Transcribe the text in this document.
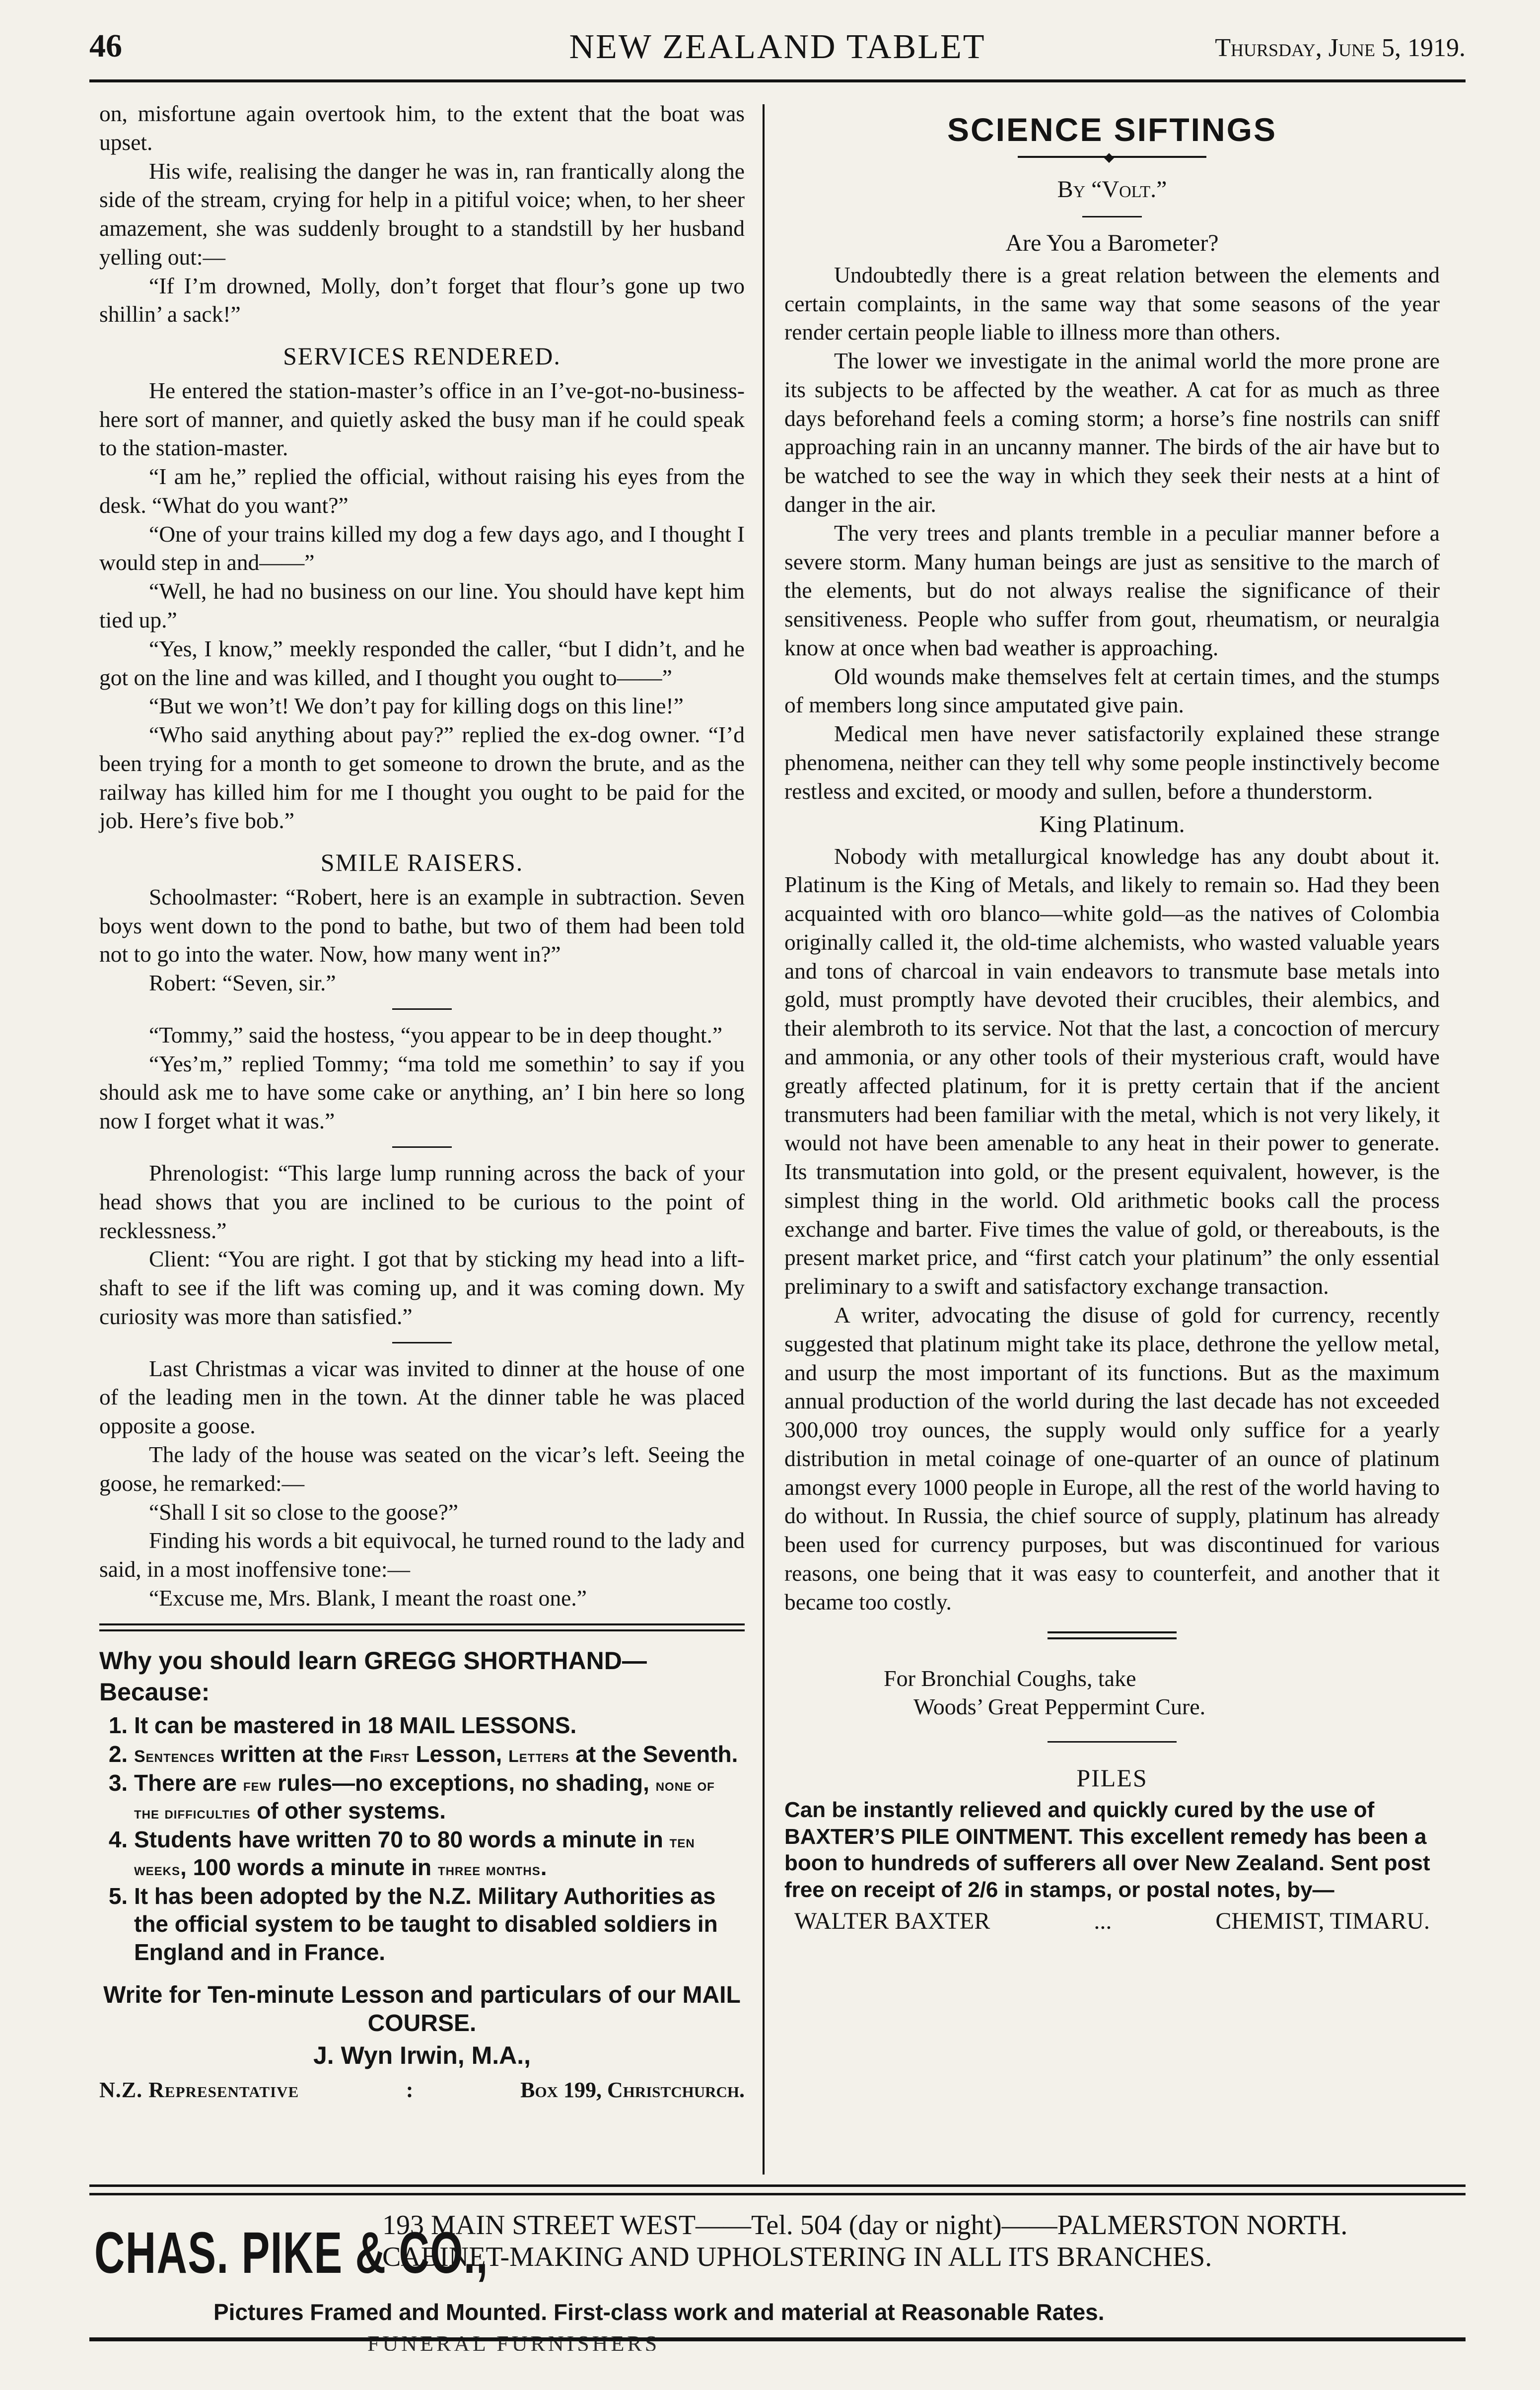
46	NEW ZEALAND TABLET	Thursday, June 5, 1919.

on, misfortune again overtook him, to the extent that the boat was upset.

His wife, realising the danger he was in, ran frantically along the side of the stream, crying for help in a pitiful voice; when, to her sheer amazement, she was suddenly brought to a standstill by her husband yelling out:—

“If I’m drowned, Molly, don’t forget that flour’s gone up two shillin’ a sack!”

SERVICES RENDERED.

He entered the station-master’s office in an I’ve-got-no-business-here sort of manner, and quietly asked the busy man if he could speak to the station-master.

“I am he,” replied the official, without raising his eyes from the desk. “What do you want?”

“One of your trains killed my dog a few days ago, and I thought I would step in and——”

“Well, he had no business on our line. You should have kept him tied up.”

“Yes, I know,” meekly responded the caller, “but I didn’t, and he got on the line and was killed, and I thought you ought to——”

“But we won’t! We don’t pay for killing dogs on this line!”

“Who said anything about pay?” replied the ex-dog owner. “I’d been trying for a month to get someone to drown the brute, and as the railway has killed him for me I thought you ought to be paid for the job. Here’s five bob.”

SMILE RAISERS.

Schoolmaster: “Robert, here is an example in subtraction. Seven boys went down to the pond to bathe, but two of them had been told not to go into the water. Now, how many went in?”

Robert: “Seven, sir.”

“Tommy,” said the hostess, “you appear to be in deep thought.”

“Yes’m,” replied Tommy; “ma told me somethin’ to say if you should ask me to have some cake or anything, an’ I bin here so long now I forget what it was.”

Phrenologist: “This large lump running across the back of your head shows that you are inclined to be curious to the point of recklessness.”

Client: “You are right. I got that by sticking my head into a lift-shaft to see if the lift was coming up, and it was coming down. My curiosity was more than satisfied.”

Last Christmas a vicar was invited to dinner at the house of one of the leading men in the town. At the dinner table he was placed opposite a goose.

The lady of the house was seated on the vicar’s left. Seeing the goose, he remarked:—

“Shall I sit so close to the goose?”

Finding his words a bit equivocal, he turned round to the lady and said, in a most inoffensive tone:—

“Excuse me, Mrs. Blank, I meant the roast one.”

Why you should learn GREGG SHORTHAND—Because:
1. It can be mastered in 18 MAIL LESSONS.
2. Sentences written at the First Lesson, Letters at the Seventh.
3. There are few rules—no exceptions, no shading, none of the difficulties of other systems.
4. Students have written 70 to 80 words a minute in ten weeks, 100 words a minute in three months.
5. It has been adopted by the N.Z. Military Authorities as the official system to be taught to disabled soldiers in England and in France.
Write for Ten-minute Lesson and particulars of our MAIL COURSE.
J. Wyn Irwin, M.A.,
N.Z. Representative	:	Box 199, Christchurch.
SCIENCE SIFTINGS
◆
By “Volt.”
Are You a Barometer?

Undoubtedly there is a great relation between the elements and certain complaints, in the same way that some seasons of the year render certain people liable to illness more than others.

The lower we investigate in the animal world the more prone are its subjects to be affected by the weather. A cat for as much as three days beforehand feels a coming storm; a horse’s fine nostrils can sniff approaching rain in an uncanny manner. The birds of the air have but to be watched to see the way in which they seek their nests at a hint of danger in the air.

The very trees and plants tremble in a peculiar manner before a severe storm. Many human beings are just as sensitive to the march of the elements, but do not always realise the significance of their sensitiveness. People who suffer from gout, rheumatism, or neuralgia know at once when bad weather is approaching.

Old wounds make themselves felt at certain times, and the stumps of members long since amputated give pain.

Medical men have never satisfactorily explained these strange phenomena, neither can they tell why some people instinctively become restless and excited, or moody and sullen, before a thunderstorm.

King Platinum.

Nobody with metallurgical knowledge has any doubt about it. Platinum is the King of Metals, and likely to remain so. Had they been acquainted with oro blanco—white gold—as the natives of Colombia originally called it, the old-time alchemists, who wasted valuable years and tons of charcoal in vain endeavors to transmute base metals into gold, must promptly have devoted their crucibles, their alembics, and their alembroth to its service. Not that the last, a concoction of mercury and ammonia, or any other tools of their mysterious craft, would have greatly affected platinum, for it is pretty certain that if the ancient transmuters had been familiar with the metal, which is not very likely, it would not have been amenable to any heat in their power to generate. Its transmutation into gold, or the present equivalent, however, is the simplest thing in the world. Old arithmetic books call the process exchange and barter. Five times the value of gold, or thereabouts, is the present market price, and “first catch your platinum” the only essential preliminary to a swift and satisfactory exchange transaction.

A writer, advocating the disuse of gold for currency, recently suggested that platinum might take its place, dethrone the yellow metal, and usurp the most important of its functions. But as the maximum annual production of the world during the last decade has not exceeded 300,000 troy ounces, the supply would only suffice for a yearly distribution in metal coinage of one-quarter of an ounce of platinum amongst every 1000 people in Europe, all the rest of the world having to do without. In Russia, the chief source of supply, platinum has already been used for currency purposes, but was discontinued for various reasons, one being that it was easy to counterfeit, and another that it became too costly.

For Bronchial Coughs, take
Woods’ Great Peppermint Cure.
PILES
Can be instantly relieved and quickly cured by the use of BAXTER’S PILE OINTMENT. This excellent remedy has been a boon to hundreds of sufferers all over New Zealand. Sent post free on receipt of 2/6 in stamps, or postal notes, by—
WALTER BAXTER	...	CHEMIST, TIMARU.
CHAS. PIKE & CO.,
193 MAIN STREET WEST——Tel. 504 (day or night)——PALMERSTON NORTH.
CABINET-MAKING AND UPHOLSTERING IN ALL ITS BRANCHES.
Pictures Framed and Mounted. First-class work and material at Reasonable Rates.
FUNERAL FURNISHERS
